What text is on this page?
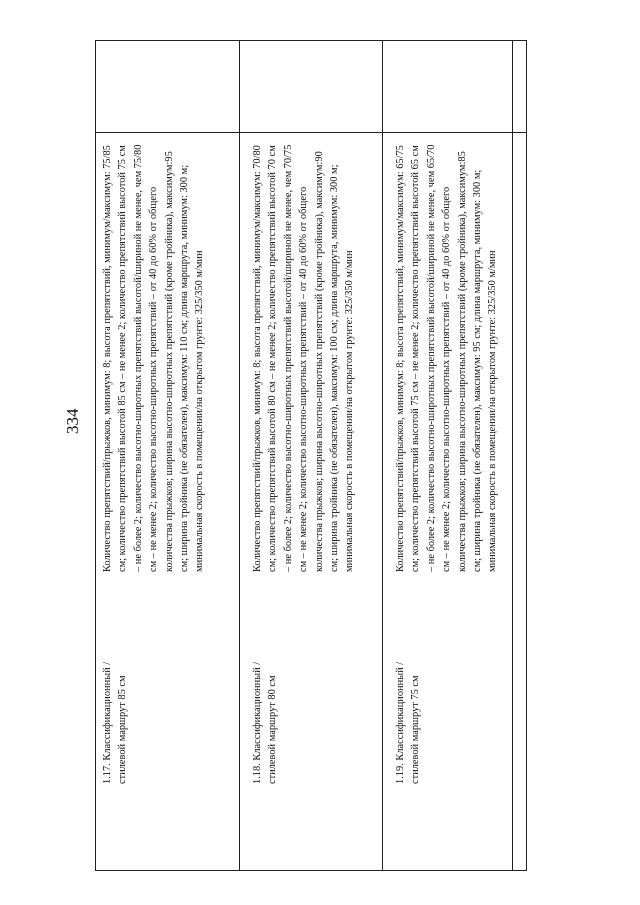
334
1.17. Классификационный / стилевой маршрут 85 см
Количество препятствий/прыжков, минимум: 8; высота препятствий, минимум/максимум: 75/85 см; количество препятствий высотой 85 см – не менее 2; количество препятствий высотой 75 см – не более 2; количество высотно-широтных препятствий высотой/шириной не менее, чем 75/80 см – не менее 2; количество высотно-широтных препятствий – от 40 до 60% от общего количества прыжков; ширина высотно-широтных препятствий (кроме тройника), максимум:95 см; ширина тройника (не обязателен), максимум: 110 см; длина маршрута, минимум: 300 м; минимальная скорость в помещении/на открытом грунте: 325/350 м/мин
1.18. Классификационный / стилевой маршрут 80 см
Количество препятствий/прыжков, минимум: 8; высота препятствий, минимум/максимум: 70/80 см; количество препятствий высотой 80 см – не менее 2; количество препятствий высотой 70 см – не более 2; количество высотно-широтных препятствий высотой/шириной не менее, чем 70/75 см – не менее 2; количество высотно-широтных препятствий – от 40 до 60% от общего количества прыжков; ширина высотно-широтных препятствий (кроме тройника), максимум:90 см; ширина тройника (не обязателен), максимум: 100 см; длина маршрута, минимум: 300 м; минимальная скорость в помещении/на открытом грунте: 325/350 м/мин
1.19. Классификационный / стилевой маршрут 75 см
Количество препятствий/прыжков, минимум: 8; высота препятствий, минимум/максимум: 65/75 см; количество препятствий высотой 75 см – не менее 2; количество препятствий высотой 65 см – не более 2; количество высотно-широтных препятствий высотой/шириной не менее, чем 65/70 см – не менее 2; количество высотно-широтных препятствий – от 40 до 60% от общего количества прыжков; ширина высотно-широтных препятствий (кроме тройника), максимум:85 см; ширина тройника (не обязателен), максимум: 95 см; длина маршрута, минимум: 300 м; минимальная скорость в помещении/на открытом грунте: 325/350 м/мин
